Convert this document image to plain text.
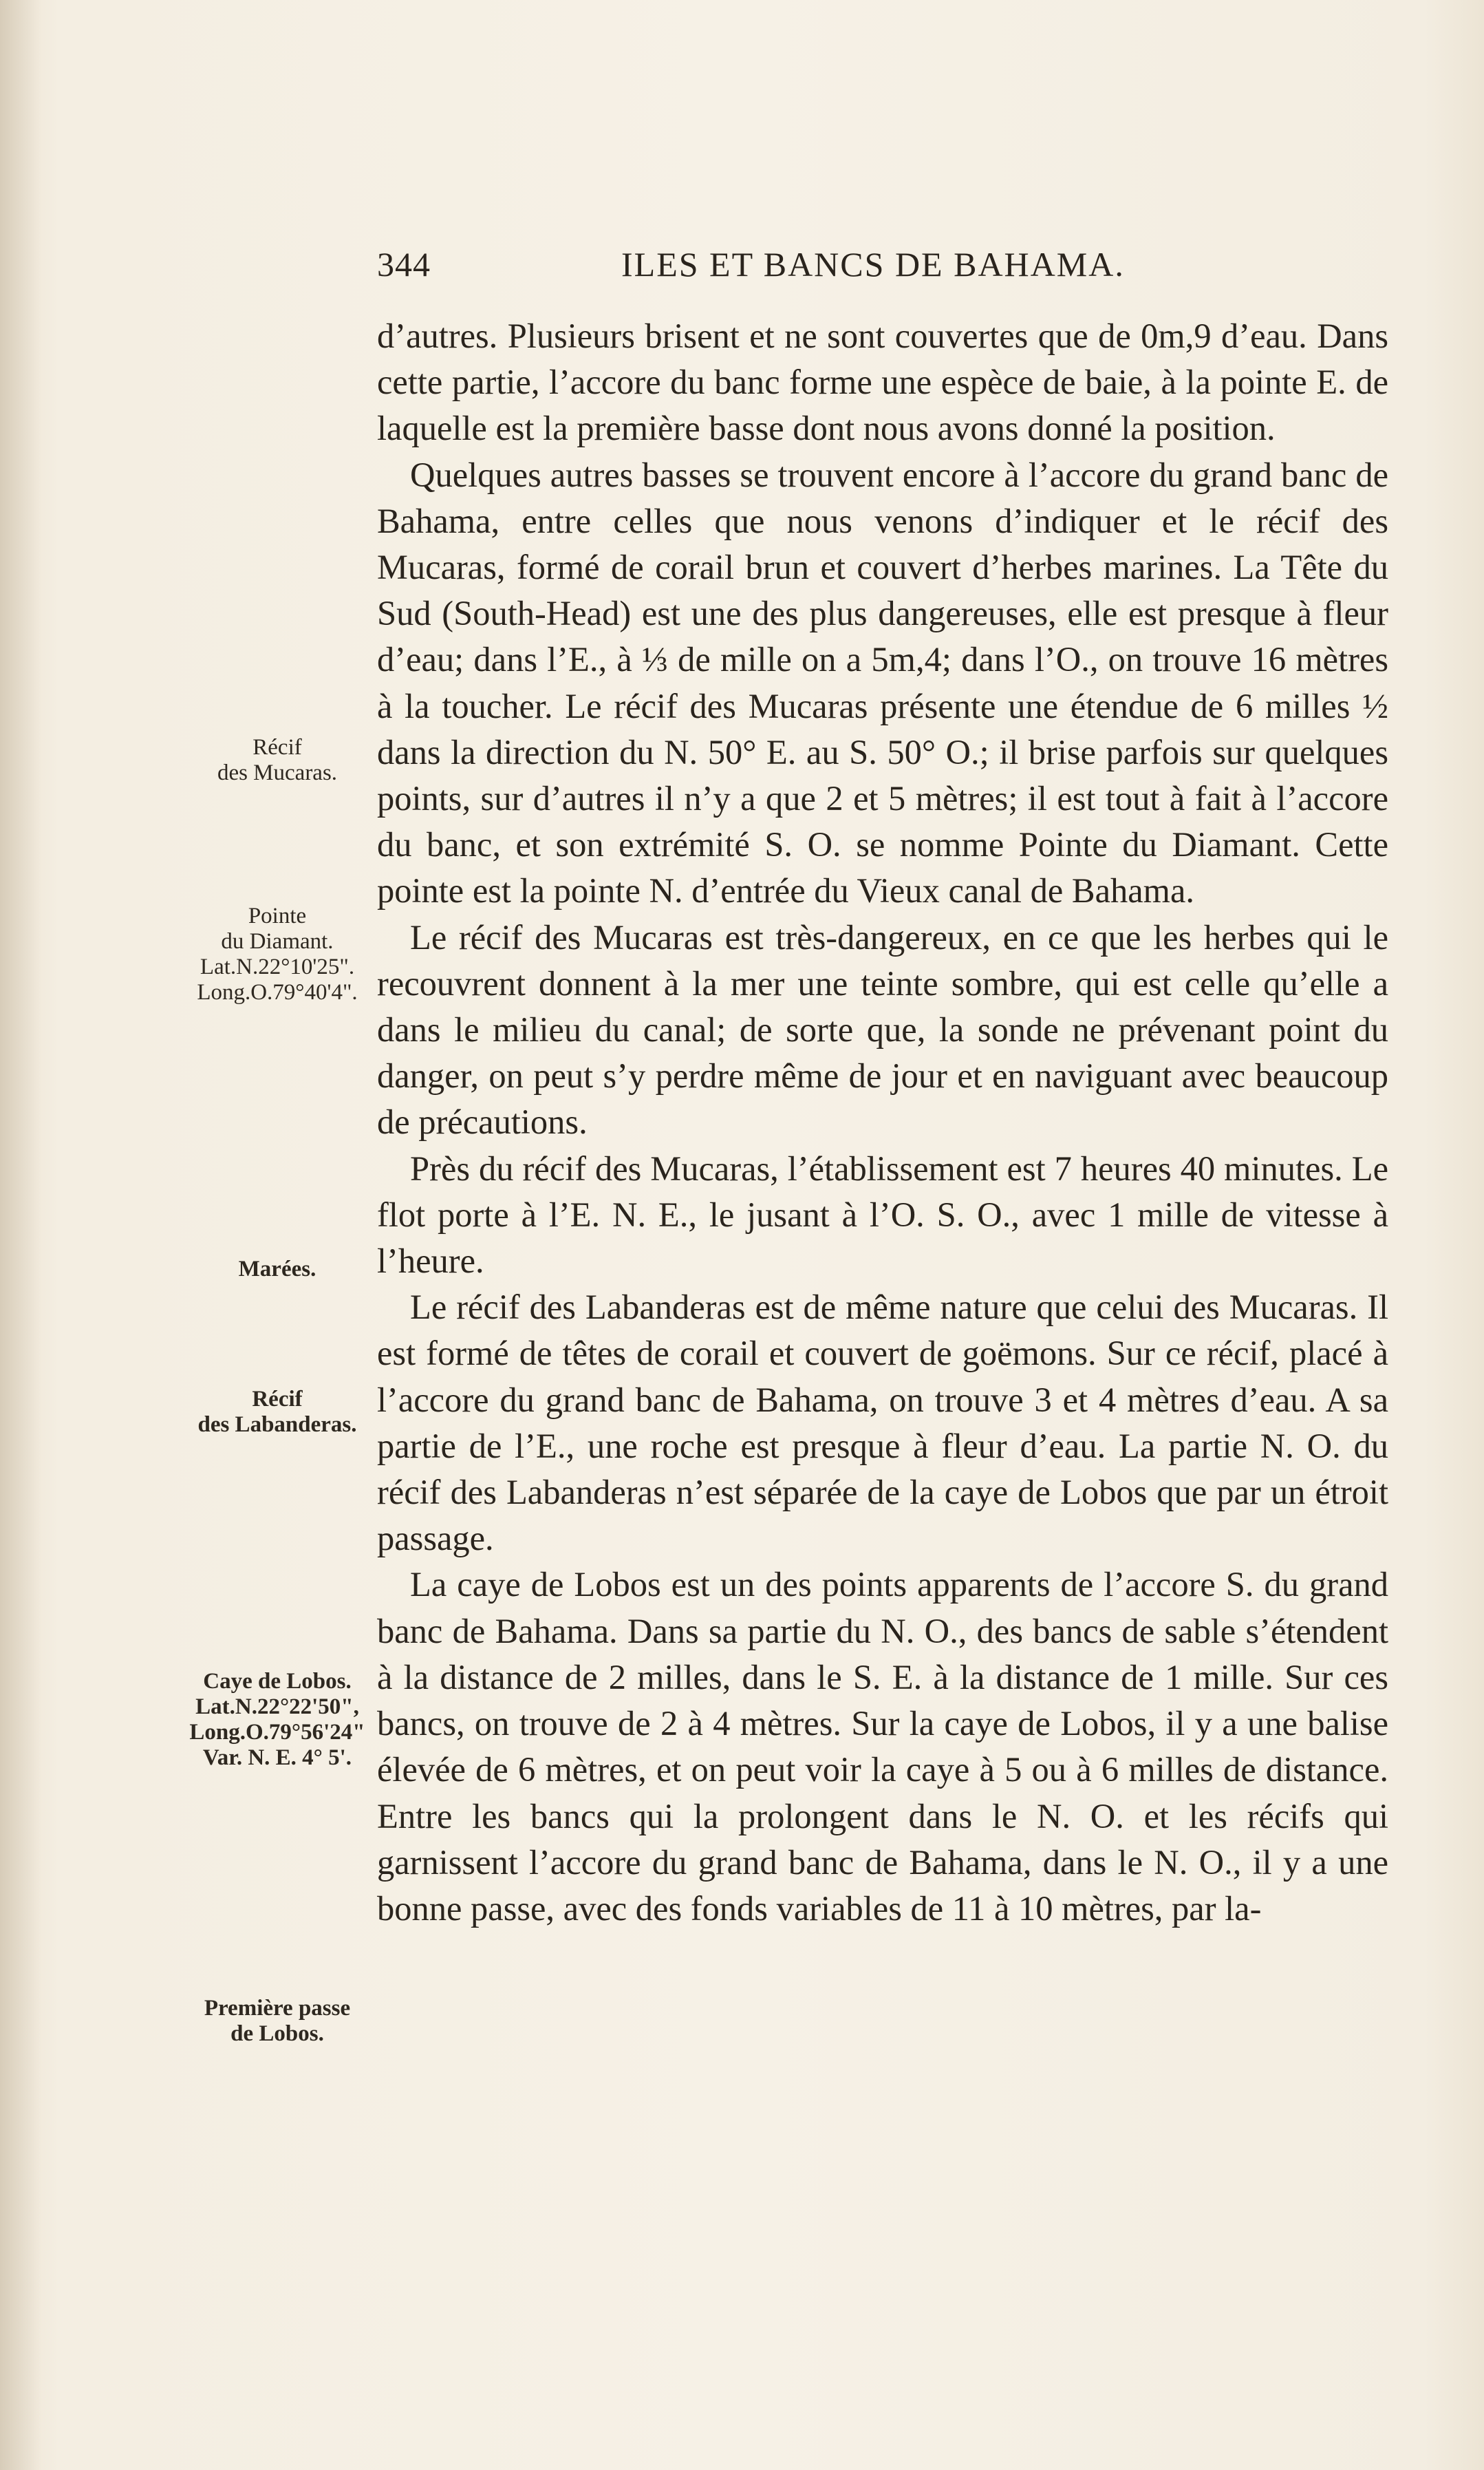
344	ILES ET BANCS DE BAHAMA.
Récif
des Mucaras.
Pointe
du Diamant.
Lat.N.22°10'25".
Long.O.79°40'4".
Marées.
Récif
des Labanderas.
Caye de Lobos.
Lat.N.22°22'50",
Long.O.79°56'24"
Var. N. E. 4° 5'.
Première passe
de Lobos.

d’autres. Plusieurs brisent et ne sont couvertes que de 0m,9 d’eau. Dans cette partie, l’accore du banc forme une espèce de baie, à la pointe E. de laquelle est la première basse dont nous avons donné la position.

Quelques autres basses se trouvent encore à l’accore du grand banc de Bahama, entre celles que nous venons d’indiquer et le récif des Mucaras, formé de corail brun et couvert d’herbes marines. La Tête du Sud (South-Head) est une des plus dangereuses, elle est presque à fleur d’eau; dans l’E., à ⅓ de mille on a 5m,4; dans l’O., on trouve 16 mètres à la toucher. Le récif des Mucaras présente une étendue de 6 milles ½ dans la direction du N. 50° E. au S. 50° O.; il brise parfois sur quelques points, sur d’autres il n’y a que 2 et 5 mètres; il est tout à fait à l’accore du banc, et son extrémité S. O. se nomme Pointe du Diamant. Cette pointe est la pointe N. d’entrée du Vieux canal de Bahama.

Le récif des Mucaras est très-dangereux, en ce que les herbes qui le recouvrent donnent à la mer une teinte sombre, qui est celle qu’elle a dans le milieu du canal; de sorte que, la sonde ne prévenant point du danger, on peut s’y perdre même de jour et en naviguant avec beaucoup de précautions.

Près du récif des Mucaras, l’établissement est 7 heures 40 minutes. Le flot porte à l’E. N. E., le jusant à l’O. S. O., avec 1 mille de vitesse à l’heure.

Le récif des Labanderas est de même nature que celui des Mucaras. Il est formé de têtes de corail et couvert de goëmons. Sur ce récif, placé à l’accore du grand banc de Bahama, on trouve 3 et 4 mètres d’eau. A sa partie de l’E., une roche est presque à fleur d’eau. La partie N. O. du récif des Labanderas n’est séparée de la caye de Lobos que par un étroit passage.

La caye de Lobos est un des points apparents de l’accore S. du grand banc de Bahama. Dans sa partie du N. O., des bancs de sable s’étendent à la distance de 2 milles, dans le S. E. à la distance de 1 mille. Sur ces bancs, on trouve de 2 à 4 mètres. Sur la caye de Lobos, il y a une balise élevée de 6 mètres, et on peut voir la caye à 5 ou à 6 milles de distance. Entre les bancs qui la prolongent dans le N. O. et les récifs qui garnissent l’accore du grand banc de Bahama, dans le N. O., il y a une bonne passe, avec des fonds variables de 11 à 10 mètres, par la-
